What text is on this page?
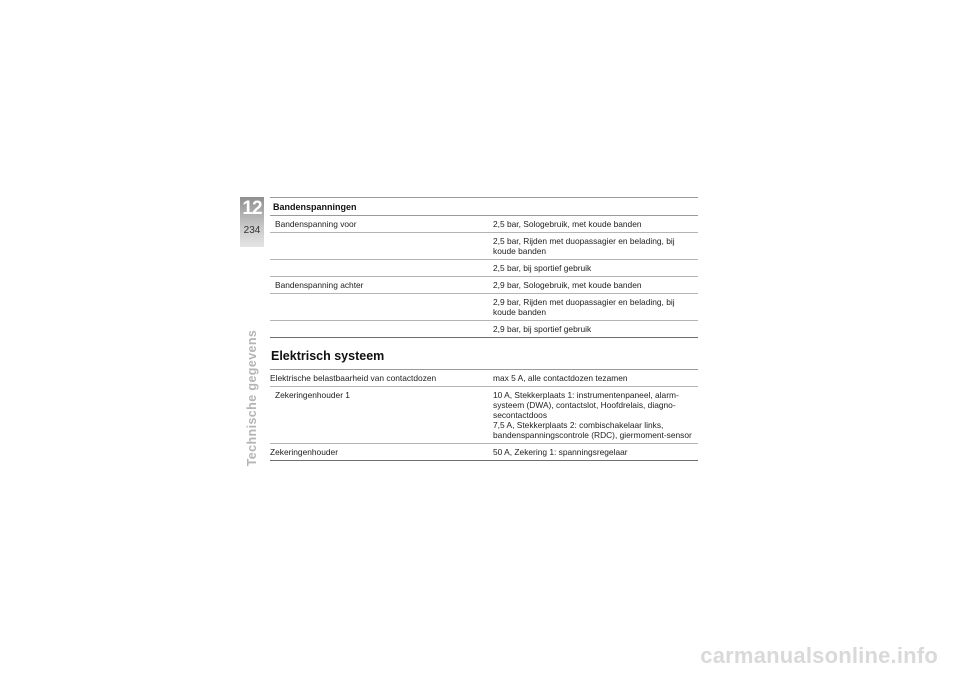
12
234
Technische gegevens
Bandenspanningen
Bandenspanning voor	2,5 bar, Sologebruik, met koude banden
	2,5 bar, Rijden met duopassagier en belading, bij koude banden
	2,5 bar, bij sportief gebruik
Bandenspanning achter	2,9 bar, Sologebruik, met koude banden
	2,9 bar, Rijden met duopassagier en belading, bij koude banden
	2,9 bar, bij sportief gebruik
Elektrisch systeem
Elektrische belastbaarheid van contactdozen	max 5 A, alle contactdozen tezamen
Zekeringenhouder 1	10 A, Stekkerplaats 1: instrumentenpaneel, alarm-systeem (DWA), contactslot, Hoofdrelais, diagno-secontactdoos
7,5 A, Stekkerplaats 2: combischakelaar links, bandenspanningscontrole (RDC), giermoment-sensor

Zekeringenhouder	50 A, Zekering 1: spanningsregelaar
carmanualsonline.info
